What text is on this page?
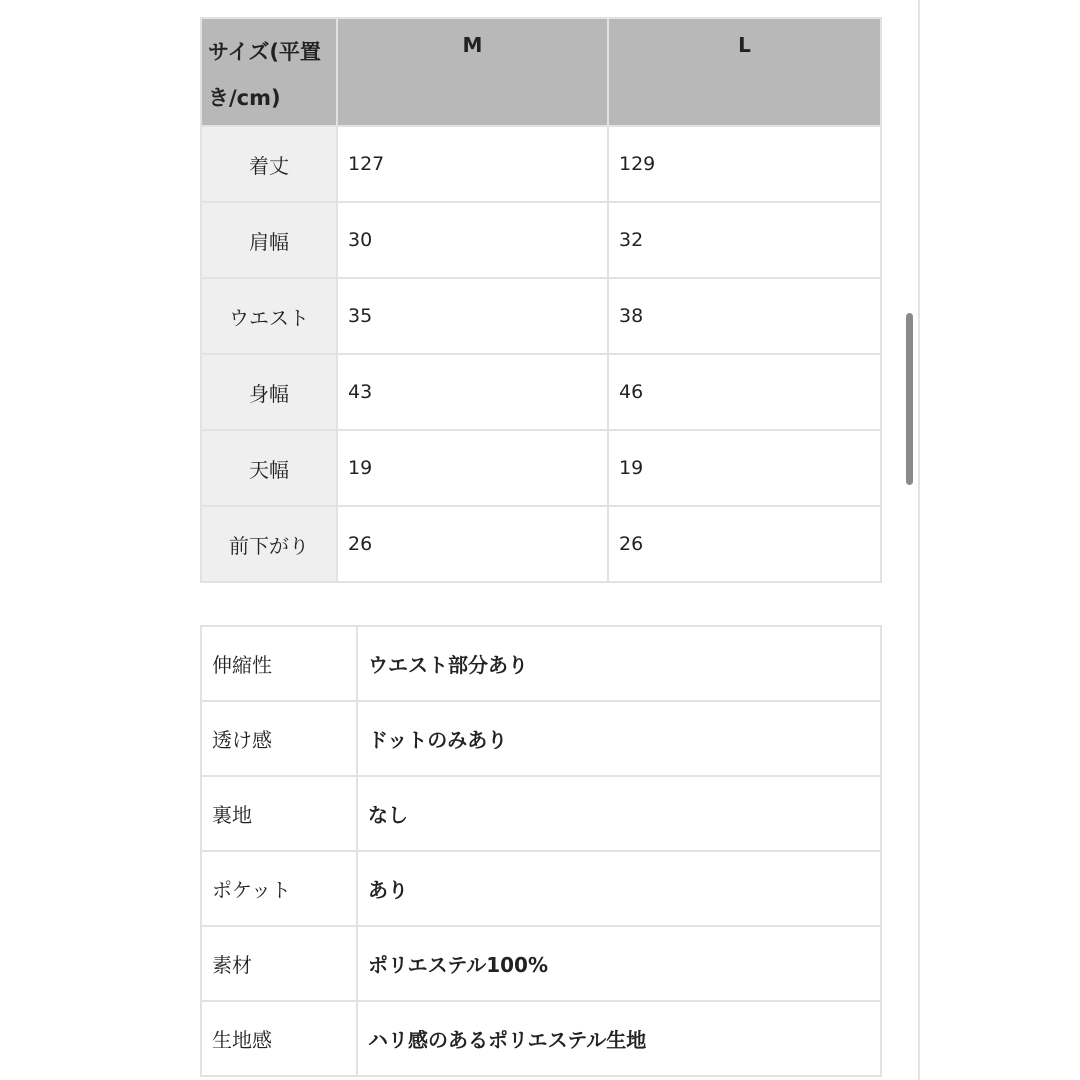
サイズ(平置き/cm)	M	L
着丈	127	129
肩幅	30	32
ウエスト	35	38
身幅	43	46
天幅	19	19
前下がり	26	26
伸縮性	ウエスト部分あり
透け感	ドットのみあり
裏地	なし
ポケット	あり
素材	ポリエステル100%
生地感	ハリ感のあるポリエステル生地
